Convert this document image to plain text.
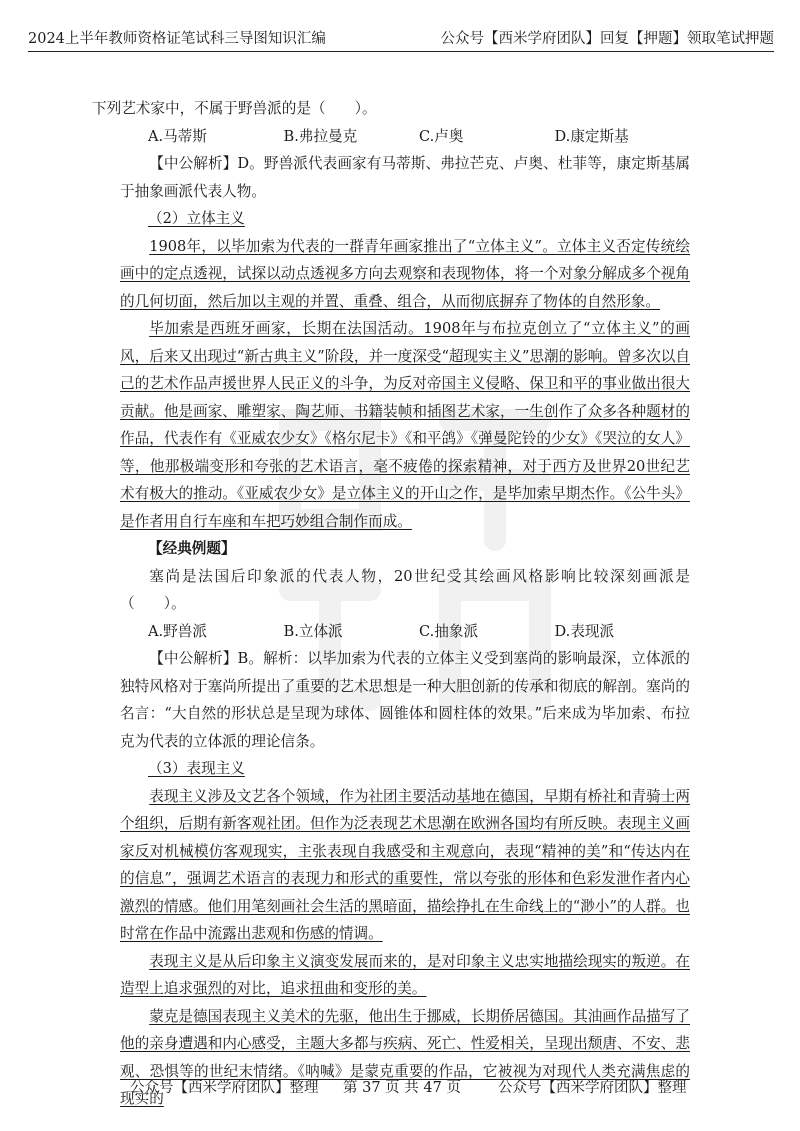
2024上半年教师资格证笔试科三导图知识汇编	公众号【西米学府团队】回复【押题】领取笔试押题

下列艺术家中，不属于野兽派的是（　　）。

A.马蒂斯	B.弗拉曼克	C.卢奥	D.康定斯基

【中公解析】D。野兽派代表画家有马蒂斯、弗拉芒克、卢奥、杜菲等，康定斯基属于抽象画派代表人物。

（2）立体主义

1908年，以毕加索为代表的一群青年画家推出了“立体主义”。立体主义否定传统绘画中的定点透视，试探以动点透视多方向去观察和表现物体，将一个对象分解成多个视角的几何切面，然后加以主观的并置、重叠、组合，从而彻底摒弃了物体的自然形象。

毕加索是西班牙画家，长期在法国活动。1908年与布拉克创立了“立体主义”的画风，后来又出现过“新古典主义”阶段，并一度深受“超现实主义”思潮的影响。曾多次以自己的艺术作品声援世界人民正义的斗争，为反对帝国主义侵略、保卫和平的事业做出很大贡献。他是画家、雕塑家、陶艺师、书籍装帧和插图艺术家，一生创作了众多各种题材的作品，代表作有《亚威农少女》《格尔尼卡》《和平鸽》《弹曼陀铃的少女》《哭泣的女人》等，他那极端变形和夸张的艺术语言，毫不疲倦的探索精神，对于西方及世界20世纪艺术有极大的推动。《亚威农少女》是立体主义的开山之作，是毕加索早期杰作。《公牛头》是作者用自行车座和车把巧妙组合制作而成。

【经典例题】

塞尚是法国后印象派的代表人物，20世纪受其绘画风格影响比较深刻画派是（　　）。

A.野兽派	B.立体派	C.抽象派	D.表现派

【中公解析】B。解析：以毕加索为代表的立体主义受到塞尚的影响最深，立体派的独特风格对于塞尚所提出了重要的艺术思想是一种大胆创新的传承和彻底的解剖。塞尚的名言：“大自然的形状总是呈现为球体、圆锥体和圆柱体的效果。”后来成为毕加索、布拉克为代表的立体派的理论信条。

（3）表现主义

表现主义涉及文艺各个领域，作为社团主要活动基地在德国，早期有桥社和青骑士两个组织，后期有新客观社团。但作为泛表现艺术思潮在欧洲各国均有所反映。表现主义画家反对机械模仿客观现实，主张表现自我感受和主观意向，表现“精神的美”和“传达内在的信息”，强调艺术语言的表现力和形式的重要性，常以夸张的形体和色彩发泄作者内心激烈的情感。他们用笔刻画社会生活的黑暗面，描绘挣扎在生命线上的“渺小”的人群。也时常在作品中流露出悲观和伤感的情调。

表现主义是从后印象主义演变发展而来的，是对印象主义忠实地描绘现实的叛逆。在造型上追求强烈的对比，追求扭曲和变形的美。

蒙克是德国表现主义美术的先驱，他出生于挪威，长期侨居德国。其油画作品描写了他的亲身遭遇和内心感受，主题大多都与疾病、死亡、性爱相关，呈现出颓唐、不安、悲观、恐惧等的世纪末情绪。《呐喊》是蒙克重要的作品，它被视为对现代人类充满焦虑的现实的

公众号【西米学府团队】整理 第 37 页 共 47 页	公众号【西米学府团队】整理
